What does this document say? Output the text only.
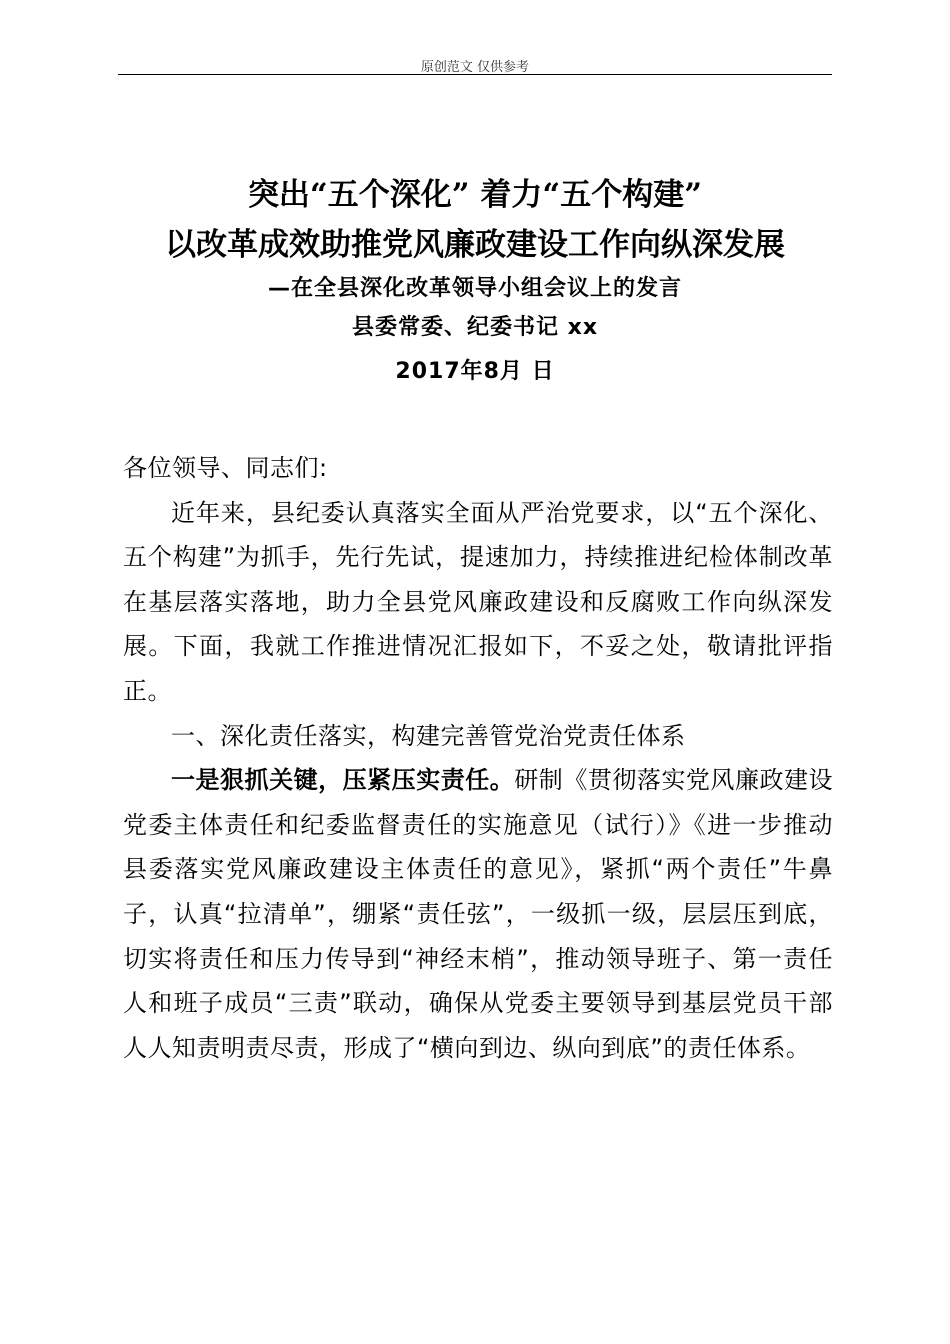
原创范文 仅供参考
突出“五个深化” 着力“五个构建”
以改革成效助推党风廉政建设工作向纵深发展
—在全县深化改革领导小组会议上的发言
县委常委、纪委书记 xx
2017年8月 日

各位领导、同志们:

近年来，县纪委认真落实全面从严治党要求，以“五个深化、五个构建”为抓手，先行先试，提速加力，持续推进纪检体制改革在基层落实落地，助力全县党风廉政建设和反腐败工作向纵深发展。下面，我就工作推进情况汇报如下，不妥之处，敬请批评指正。

一、深化责任落实，构建完善管党治党责任体系

一是狠抓关键，压紧压实责任。研制《贯彻落实党风廉政建设党委主体责任和纪委监督责任的实施意见（试行）》《进一步推动县委落实党风廉政建设主体责任的意见》，紧抓“两个责任”牛鼻子，认真“拉清单”，绷紧“责任弦”，一级抓一级，层层压到底，切实将责任和压力传导到“神经末梢”，推动领导班子、第一责任人和班子成员“三责”联动，确保从党委主要领导到基层党员干部人人知责明责尽责，形成了“横向到边、纵向到底”的责任体系。
